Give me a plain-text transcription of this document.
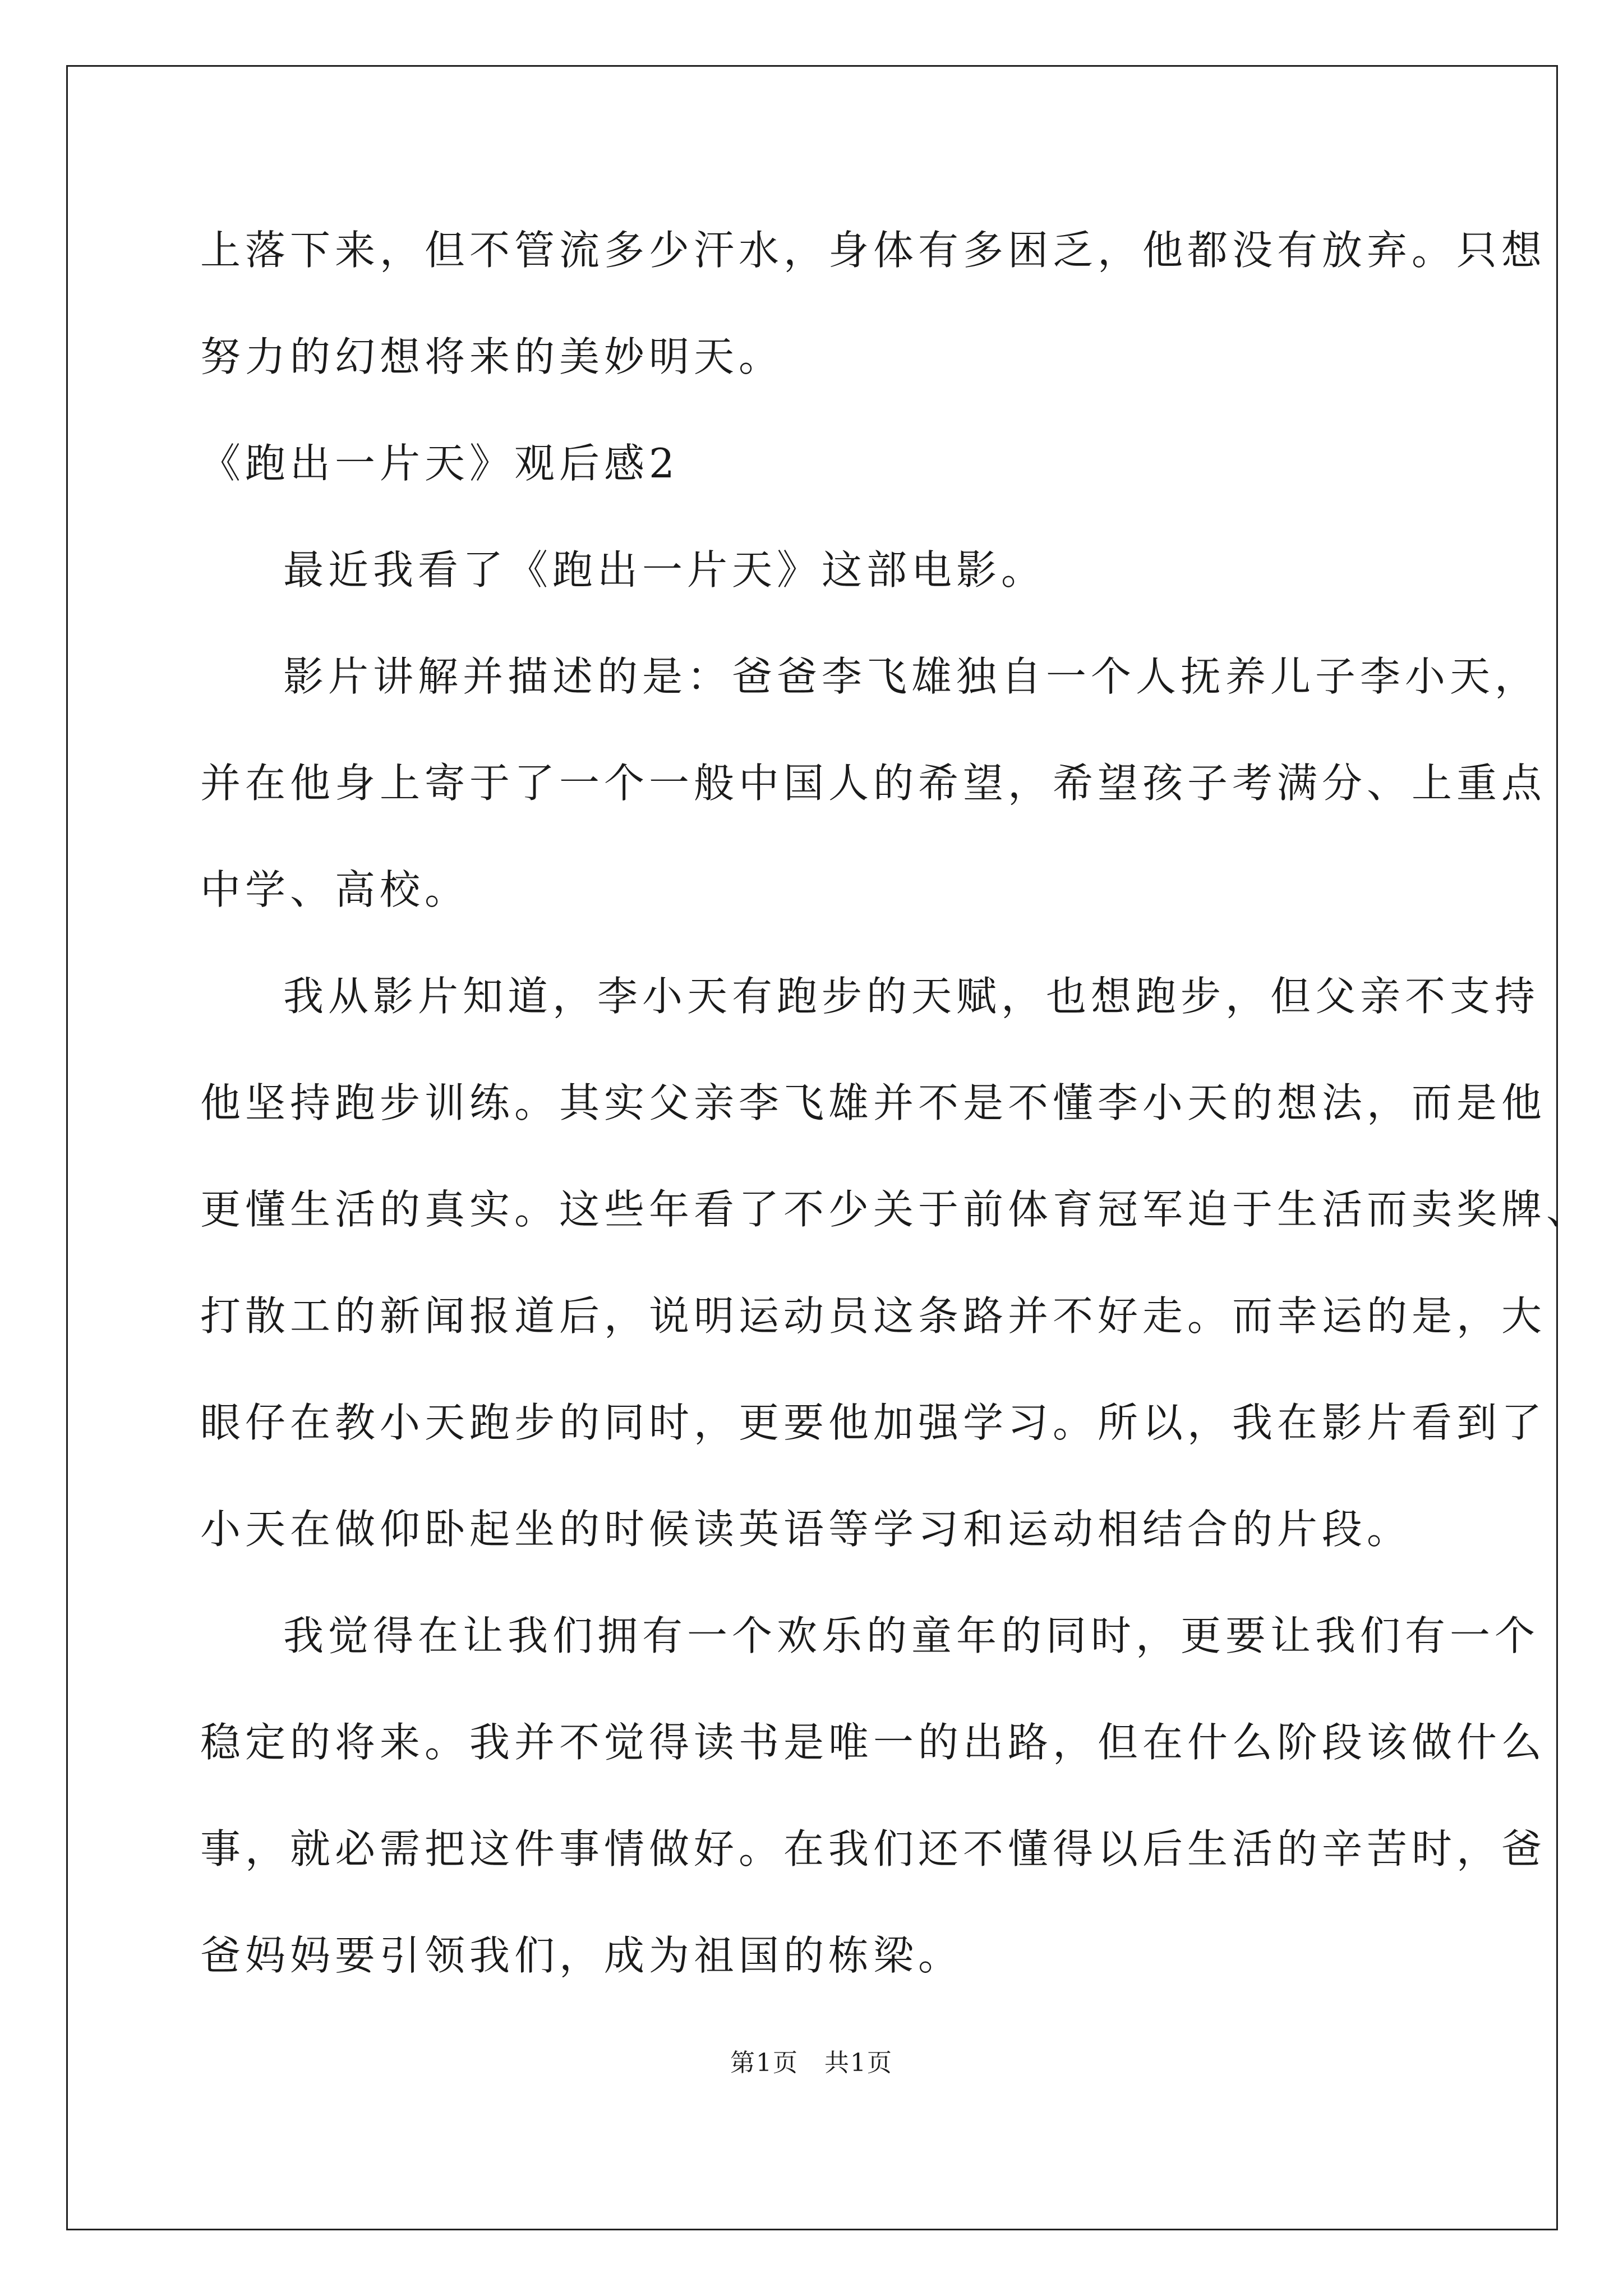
上落下来，但不管流多少汗水，身体有多困乏，他都没有放弃。只想
努力的幻想将来的美妙明天。
《跑出一片天》观后感2
最近我看了《跑出一片天》这部电影。
影片讲解并描述的是：爸爸李飞雄独自一个人抚养儿子李小天，
并在他身上寄于了一个一般中国人的希望，希望孩子考满分、上重点
中学、高校。
我从影片知道，李小天有跑步的天赋，也想跑步，但父亲不支持
他坚持跑步训练。其实父亲李飞雄并不是不懂李小天的想法，而是他
更懂生活的真实。这些年看了不少关于前体育冠军迫于生活而卖奖牌、
打散工的新闻报道后，说明运动员这条路并不好走。而幸运的是，大
眼仔在教小天跑步的同时，更要他加强学习。所以，我在影片看到了
小天在做仰卧起坐的时候读英语等学习和运动相结合的片段。
我觉得在让我们拥有一个欢乐的童年的同时，更要让我们有一个
稳定的将来。我并不觉得读书是唯一的出路，但在什么阶段该做什么
事，就必需把这件事情做好。在我们还不懂得以后生活的辛苦时，爸
爸妈妈要引领我们，成为祖国的栋梁。
第1页　共1页
